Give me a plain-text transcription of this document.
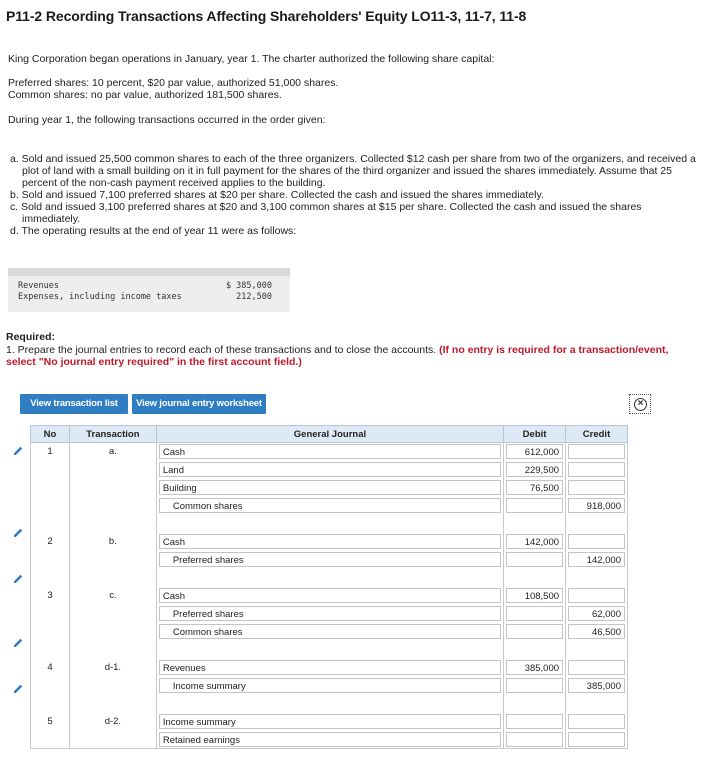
P11-2 Recording Transactions Affecting Shareholders' Equity LO11-3, 11-7, 11-8
King Corporation began operations in January, year 1. The charter authorized the following share capital:
Preferred shares: 10 percent, $20 par value, authorized 51,000 shares.
Common shares: no par value, authorized 181,500 shares.
During year 1, the following transactions occurred in the order given:
a. Sold and issued 25,500 common shares to each of the three organizers. Collected $12 cash per share from two of the organizers, and received a plot of land with a small building on it in full payment for the shares of the third organizer and issued the shares immediately. Assume that 25 percent of the non-cash payment received applies to the building.
b. Sold and issued 7,100 preferred shares at $20 per share. Collected the cash and issued the shares immediately.
c. Sold and issued 3,100 preferred shares at $20 and 3,100 common shares at $15 per share. Collected the cash and issued the shares immediately.
d. The operating results at the end of year 11 were as follows:
Revenues	$ 385,000
Expenses, including income taxes	212,500
Required:
1. Prepare the journal entries to record each of these transactions and to close the accounts. (If no entry is required for a transaction/event, select "No journal entry required" in the first account field.)
View transaction list	View journal entry worksheet	×
No	Transaction	General Journal	Debit	Credit
1	a.	Cash	612,000	

		Land	229,500	

		Building	76,500	

		Common shares		918,000

2	b.	Cash	142,000	

		Preferred shares		142,000

3	c.	Cash	108,500	

		Preferred shares		62,000

		Common shares		46,500

4	d-1.	Revenues	385,000	

		Income summary		385,000

5	d-2.	Income summary		

		Retained earnings		
